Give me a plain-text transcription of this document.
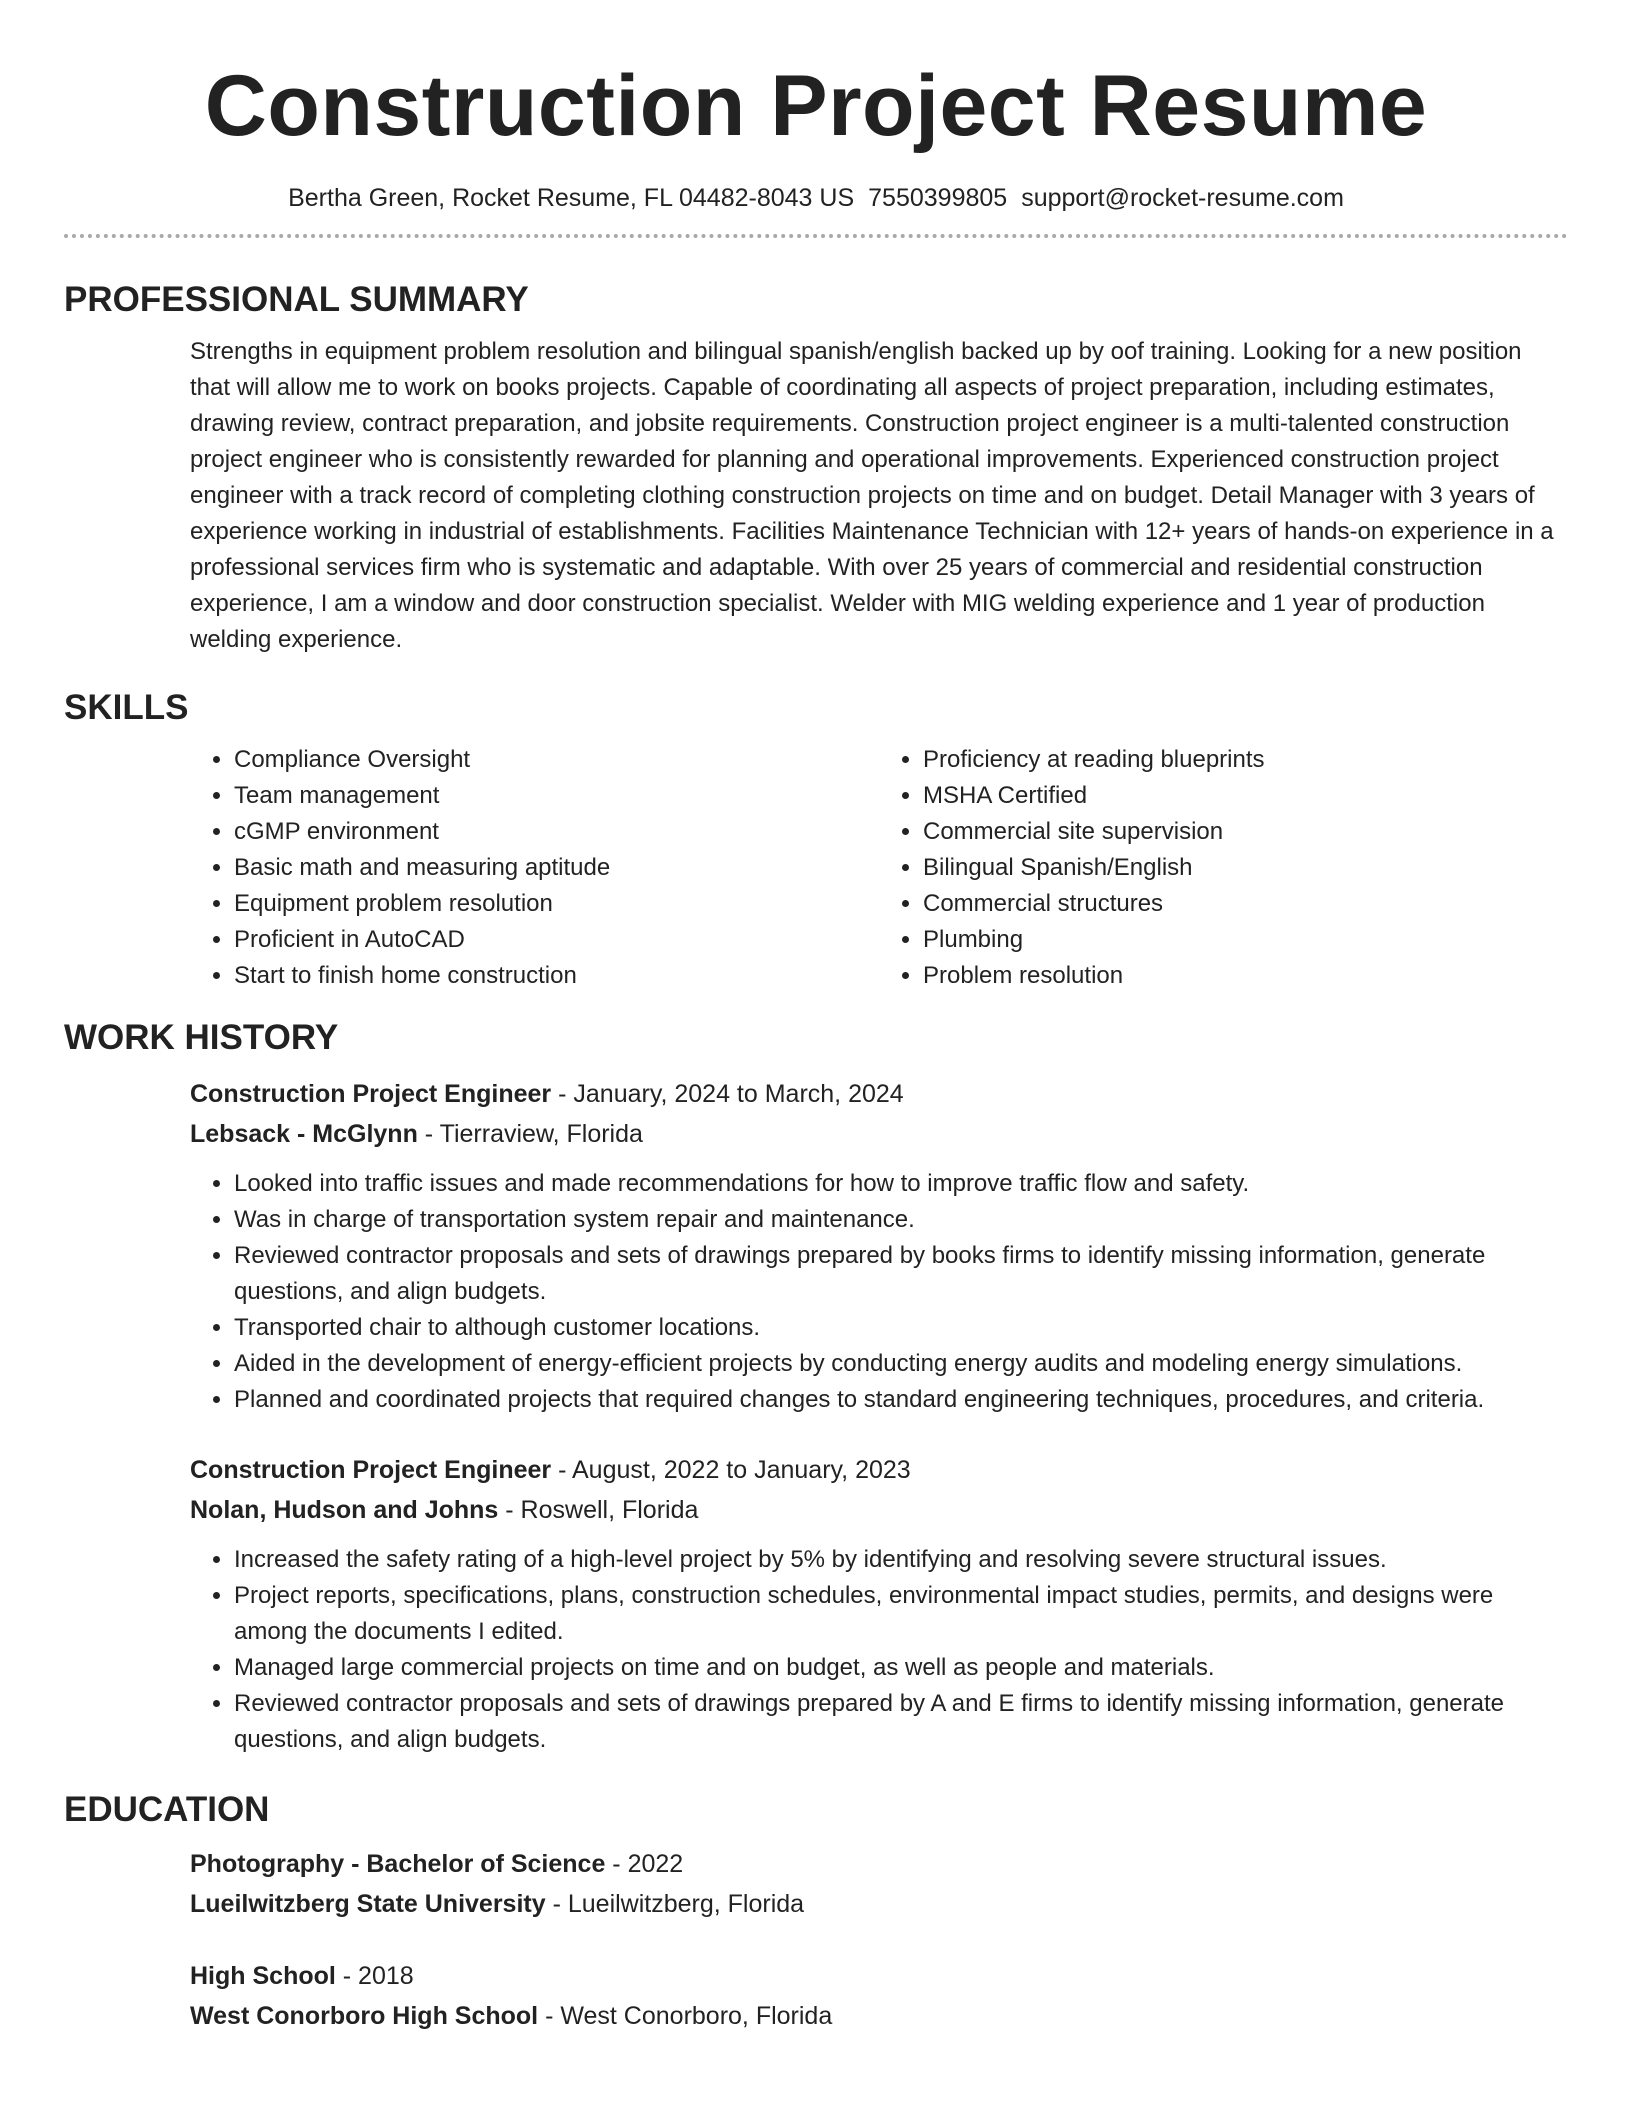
Construction Project Resume
Bertha Green, Rocket Resume, FL 04482-8043 US 7550399805 support@rocket-resume.com
PROFESSIONAL SUMMARY
Strengths in equipment problem resolution and bilingual spanish/english backed up by oof training. Looking for a new position that will allow me to work on books projects. Capable of coordinating all aspects of project preparation, including estimates, drawing review, contract preparation, and jobsite requirements. Construction project engineer is a multi-talented construction project engineer who is consistently rewarded for planning and operational improvements. Experienced construction project engineer with a track record of completing clothing construction projects on time and on budget. Detail Manager with 3 years of experience working in industrial of establishments. Facilities Maintenance Technician with 12+ years of hands-on experience in a professional services firm who is systematic and adaptable. With over 25 years of commercial and residential construction experience, I am a window and door construction specialist. Welder with MIG welding experience and 1 year of production welding experience.
SKILLS
• Compliance Oversight
• Team management
• cGMP environment
• Basic math and measuring aptitude
• Equipment problem resolution
• Proficient in AutoCAD
• Start to finish home construction
• Proficiency at reading blueprints
• MSHA Certified
• Commercial site supervision
• Bilingual Spanish/English
• Commercial structures
• Plumbing
• Problem resolution
WORK HISTORY
Construction Project Engineer - January, 2024 to March, 2024
Lebsack - McGlynn - Tierraview, Florida
• Looked into traffic issues and made recommendations for how to improve traffic flow and safety.
• Was in charge of transportation system repair and maintenance.
• Reviewed contractor proposals and sets of drawings prepared by books firms to identify missing information, generate questions, and align budgets.
• Transported chair to although customer locations.
• Aided in the development of energy-efficient projects by conducting energy audits and modeling energy simulations.
• Planned and coordinated projects that required changes to standard engineering techniques, procedures, and criteria.
Construction Project Engineer - August, 2022 to January, 2023
Nolan, Hudson and Johns - Roswell, Florida
• Increased the safety rating of a high-level project by 5% by identifying and resolving severe structural issues.
• Project reports, specifications, plans, construction schedules, environmental impact studies, permits, and designs were among the documents I edited.
• Managed large commercial projects on time and on budget, as well as people and materials.
• Reviewed contractor proposals and sets of drawings prepared by A and E firms to identify missing information, generate questions, and align budgets.
EDUCATION
Photography - Bachelor of Science - 2022
Lueilwitzberg State University - Lueilwitzberg, Florida
High School - 2018
West Conorboro High School - West Conorboro, Florida
